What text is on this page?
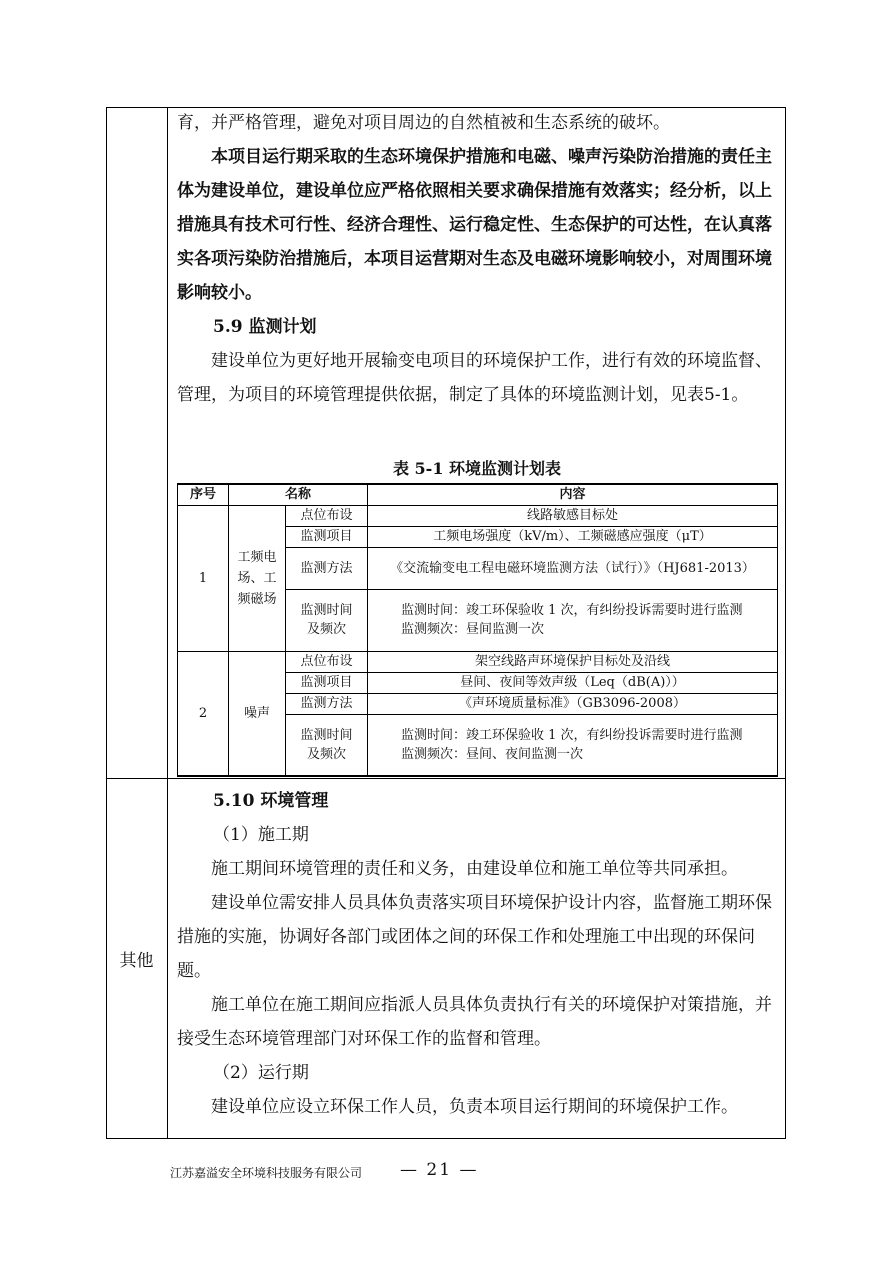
育，并严格管理，避免对项目周边的自然植被和生态系统的破坏。

本项目运行期采取的生态环境保护措施和电磁、噪声污染防治措施的责任主体为建设单位，建设单位应严格依照相关要求确保措施有效落实；经分析，以上措施具有技术可行性、经济合理性、运行稳定性、生态保护的可达性，在认真落实各项污染防治措施后，本项目运营期对生态及电磁环境影响较小，对周围环境影响较小。

5.9 监测计划

建设单位为更好地开展输变电项目的环境保护工作，进行有效的环境监督、管理，为项目的环境管理提供依据，制定了具体的环境监测计划，见表5-1。

表 5-1 环境监测计划表
序号	名称		内容
1	工频电场、工频磁场	点位布设	线路敏感目标处
		监测项目	工频电场强度（kV/m）、工频磁感应强度（μT）
		监测方法	《交流输变电工程电磁环境监测方法（试行）》（HJ681-2013）
		监测时间及频次	监测时间：竣工环保验收 1 次，有纠纷投诉需要时进行监测
监测频次：昼间监测一次

2	噪声	点位布设	架空线路声环境保护目标处及沿线
		监测项目	昼间、夜间等效声级（Leq（dB(A)））
		监测方法	《声环境质量标准》（GB3096-2008）
		监测时间及频次	监测时间：竣工环保验收 1 次，有纠纷投诉需要时进行监测
监测频次：昼间、夜间监测一次
其他

5.10 环境管理

（1）施工期

施工期间环境管理的责任和义务，由建设单位和施工单位等共同承担。

建设单位需安排人员具体负责落实项目环境保护设计内容，监督施工期环保措施的实施，协调好各部门或团体之间的环保工作和处理施工中出现的环保问题。

施工单位在施工期间应指派人员具体负责执行有关的环境保护对策措施，并接受生态环境管理部门对环保工作的监督和管理。

（2）运行期

建设单位应设立环保工作人员，负责本项目运行期间的环境保护工作。

江苏嘉溢安全环境科技服务有限公司 — 21 —
